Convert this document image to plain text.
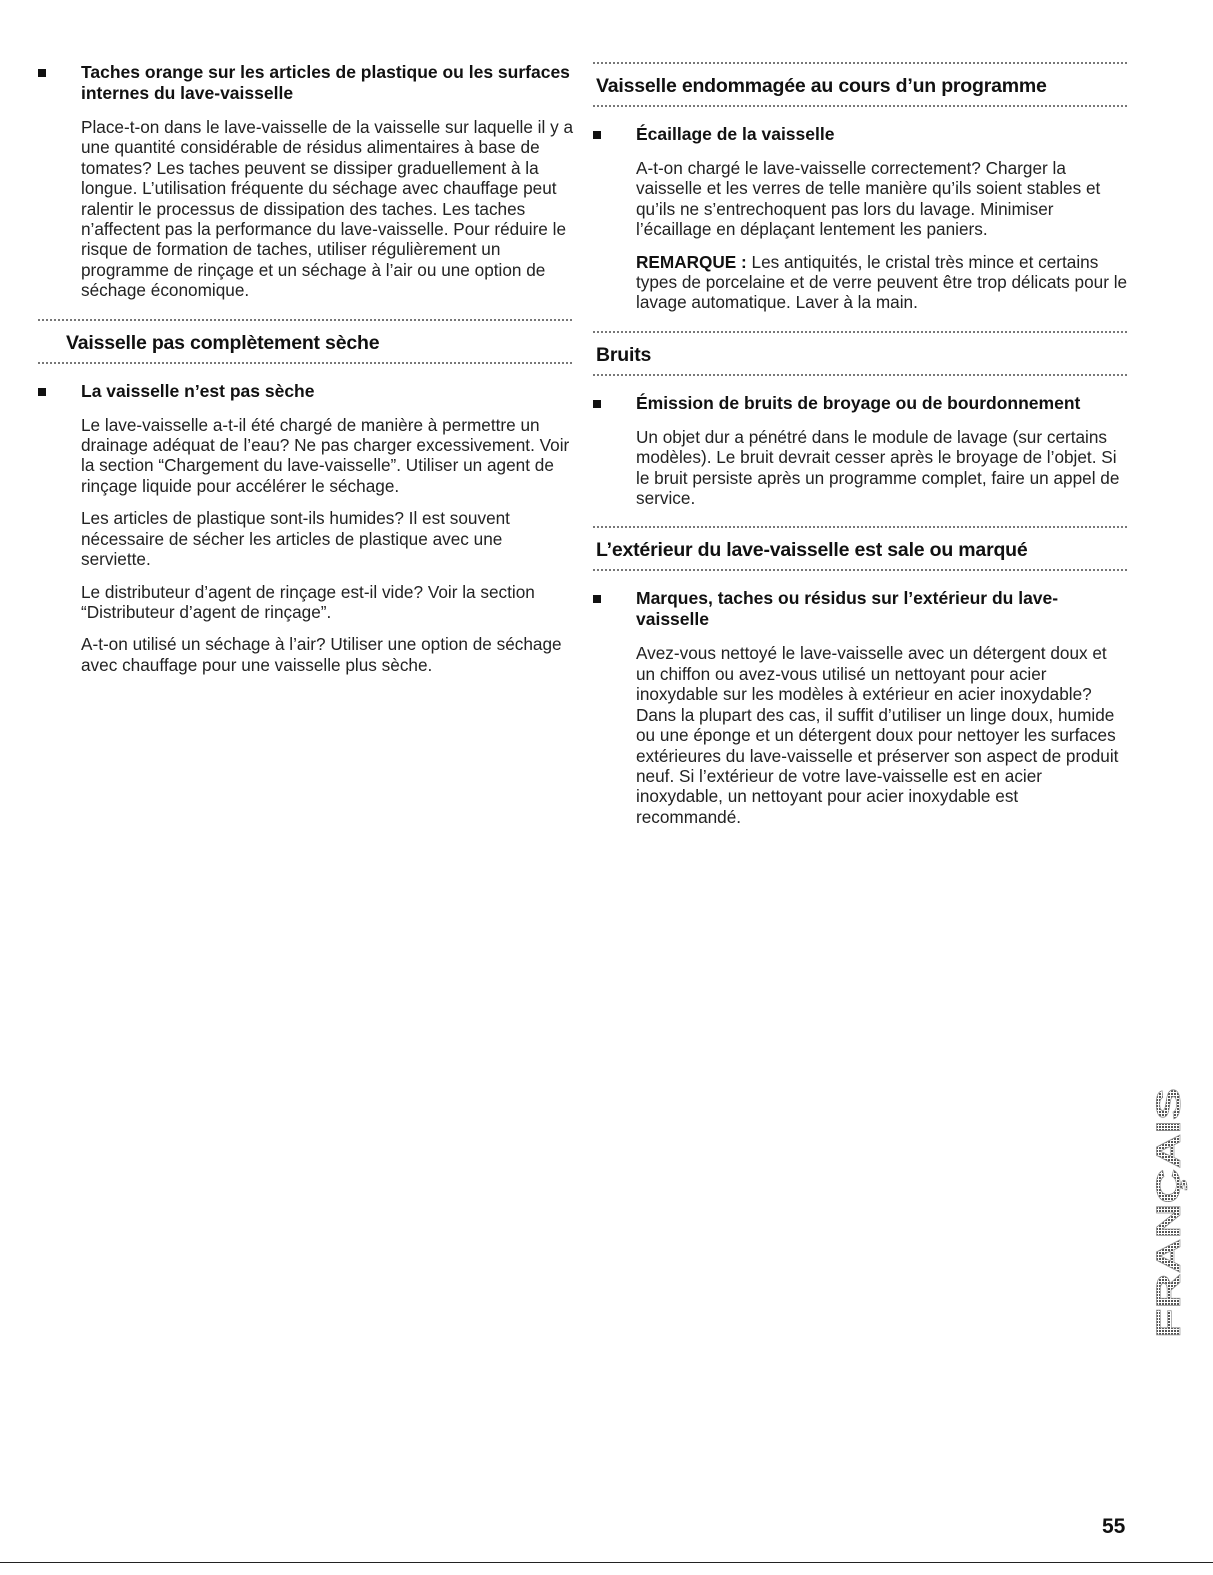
Taches orange sur les articles de plastique ou les surfaces internes du lave-vaisselle

Place-t-on dans le lave-vaisselle de la vaisselle sur laquelle il y a une quantité considérable de résidus alimentaires à base de tomates? Les taches peuvent se dissiper graduellement à la longue. L’utilisation fréquente du séchage avec chauffage peut ralentir le processus de dissipation des taches. Les taches n’affectent pas la performance du lave-vaisselle. Pour réduire le risque de formation de taches, utiliser régulièrement un programme de rinçage et un séchage à l’air ou une option de séchage économique.

Vaisselle pas complètement sèche
La vaisselle n’est pas sèche

Le lave-vaisselle a-t-il été chargé de manière à permettre un drainage adéquat de l’eau? Ne pas charger excessivement. Voir la section “Chargement du lave-vaisselle”. Utiliser un agent de rinçage liquide pour accélérer le séchage.

Les articles de plastique sont-ils humides? Il est souvent nécessaire de sécher les articles de plastique avec une serviette.

Le distributeur d’agent de rinçage est-il vide? Voir la section “Distributeur d’agent de rinçage”.

A-t-on utilisé un séchage à l’air? Utiliser une option de séchage avec chauffage pour une vaisselle plus sèche.

Vaisselle endommagée au cours d’un programme
Écaillage de la vaisselle

A-t-on chargé le lave-vaisselle correctement? Charger la vaisselle et les verres de telle manière qu’ils soient stables et qu’ils ne s’entrechoquent pas lors du lavage. Minimiser l’écaillage en déplaçant lentement les paniers.

REMARQUE : Les antiquités, le cristal très mince et certains types de porcelaine et de verre peuvent être trop délicats pour le lavage automatique. Laver à la main.

Bruits
Émission de bruits de broyage ou de bourdonnement

Un objet dur a pénétré dans le module de lavage (sur certains modèles). Le bruit devrait cesser après le broyage de l’objet. Si le bruit persiste après un programme complet, faire un appel de service.

L’extérieur du lave-vaisselle est sale ou marqué
Marques, taches ou résidus sur l’extérieur du lave-vaisselle

Avez-vous nettoyé le lave-vaisselle avec un détergent doux et un chiffon ou avez-vous utilisé un nettoyant pour acier inoxydable sur les modèles à extérieur en acier inoxydable? Dans la plupart des cas, il suffit d’utiliser un linge doux, humide ou une éponge et un détergent doux pour nettoyer les surfaces extérieures du lave-vaisselle et préserver son aspect de produit neuf. Si l’extérieur de votre lave-vaisselle est en acier inoxydable, un nettoyant pour acier inoxydable est recommandé.

FRANÇAIS
55
